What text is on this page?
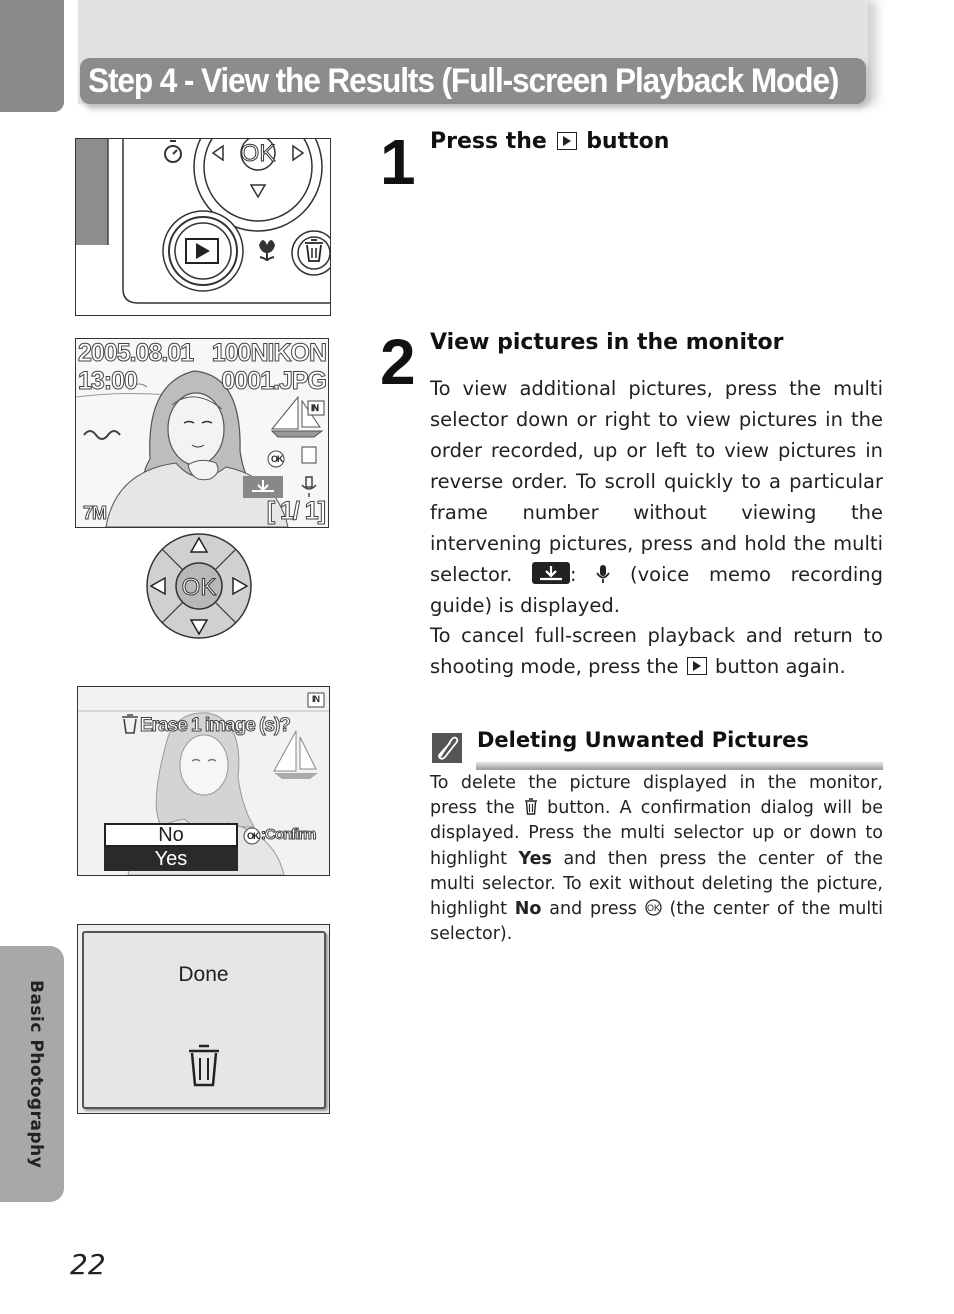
Step 4 - View the Results (Full-screen Playback Mode)
Basic Photography
22
OK
2005.08.01
13:00
100NIKON
0001.JPG
IN
OK
7M	[ 1/ 1]
OK
IN
Erase 1 image (s)?
No
Yes
OK :Confirm
Done
1 Press the button
2 View pictures in the monitor
To view additional pictures, press the multi selector down or right to view pictures in the order recorded, up or left to view pictures in reverse order. To scroll quickly to a particular frame number without viewing the intervening pictures, press and hold the multi selector.	:	(voice memo recording guide) is displayed.
To cancel full-screen playback and return to shooting mode, press the button again.
Deleting Unwanted Pictures
To delete the picture displayed in the monitor, press the button. A confirmation dialog will be displayed. Press the multi selector up or down to highlight Yes and then press the center of the multi selector. To exit without deleting the picture, highlight No and press OK (the center of the multi selector).
